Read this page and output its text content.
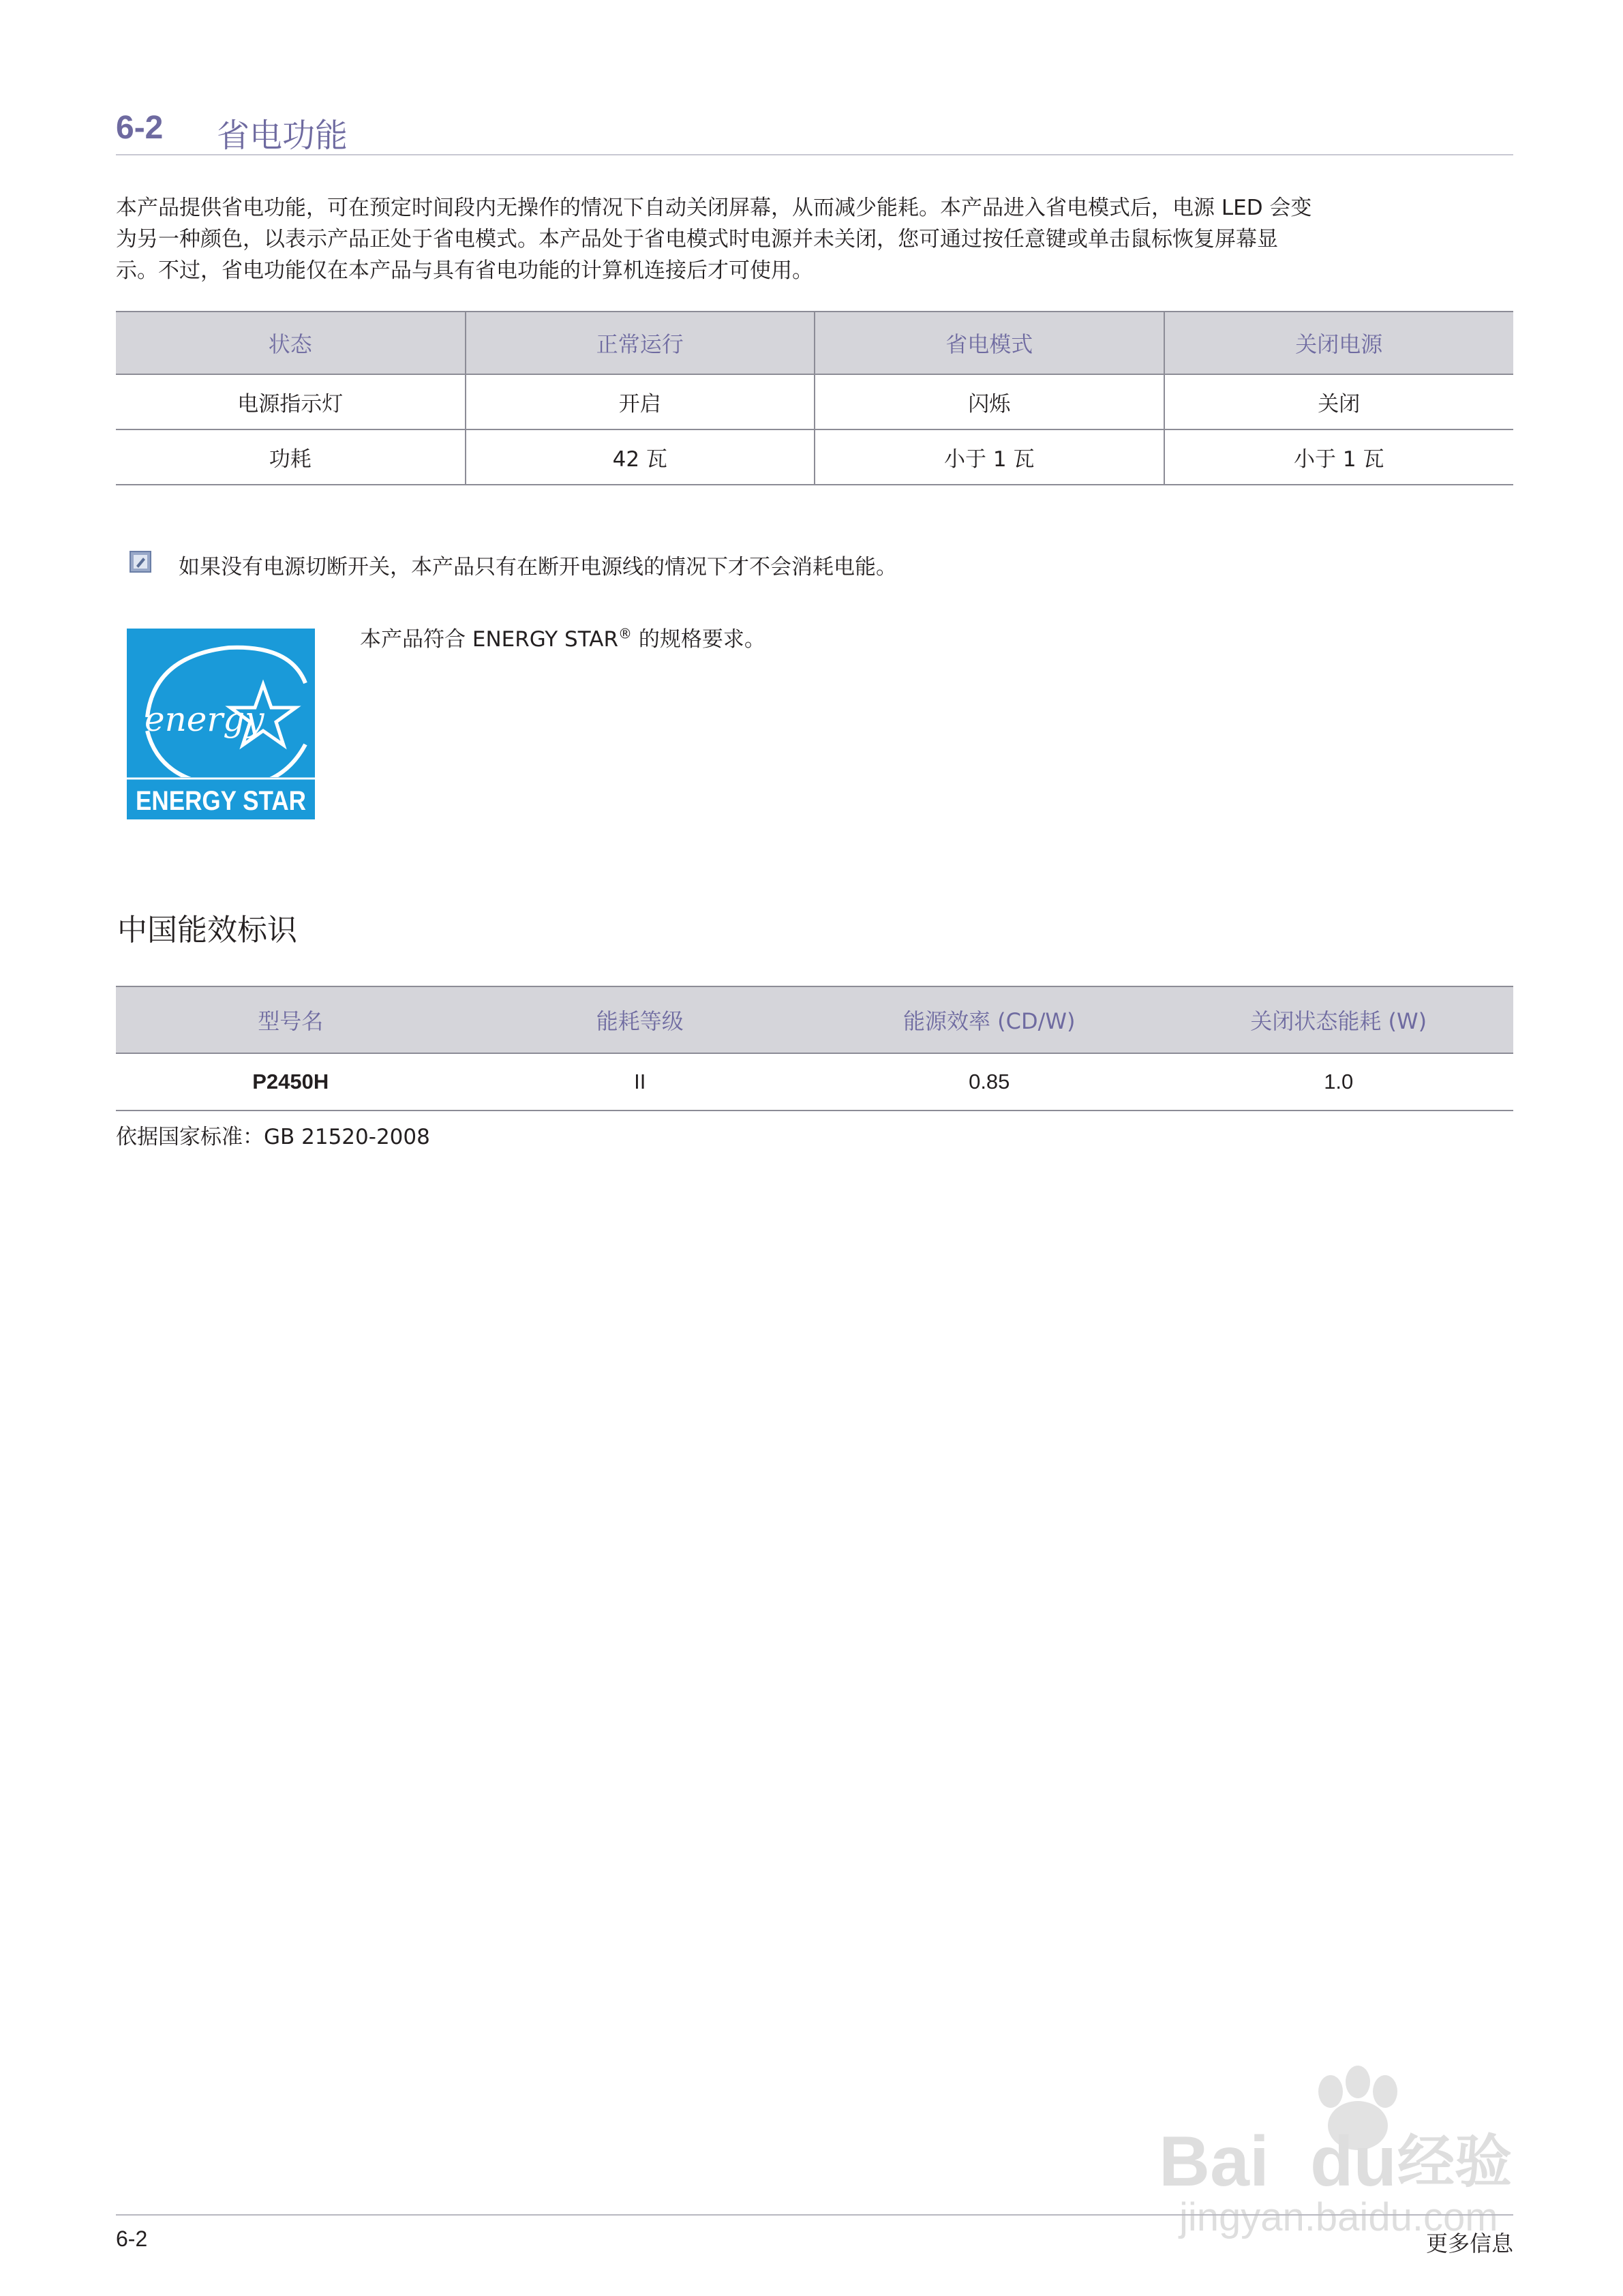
6-2 省电功能
本产品提供省电功能，可在预定时间段内无操作的情况下自动关闭屏幕，从而减少能耗。本产品进入省电模式后，电源 LED 会变
为另一种颜色，以表示产品正处于省电模式。本产品处于省电模式时电源并未关闭，您可通过按任意键或单击鼠标恢复屏幕显
示。不过，省电功能仅在本产品与具有省电功能的计算机连接后才可使用。
状态	正常运行	省电模式	关闭电源
电源指示灯	开启	闪烁	关闭
功耗	42 瓦	小于 1 瓦	小于 1 瓦
如果没有电源切断开关，本产品只有在断开电源线的情况下才不会消耗电能。
energy
ENERGY STAR
本产品符合 ENERGY STAR® 的规格要求。
中国能效标识
型号名	能耗等级	能源效率 (CD/W)	关闭状态能耗 (W)
P2450H	II	0.85	1.0
依据国家标准：GB 21520-2008
Bai du 经验
jingyan.baidu.com
6-2	更多信息
